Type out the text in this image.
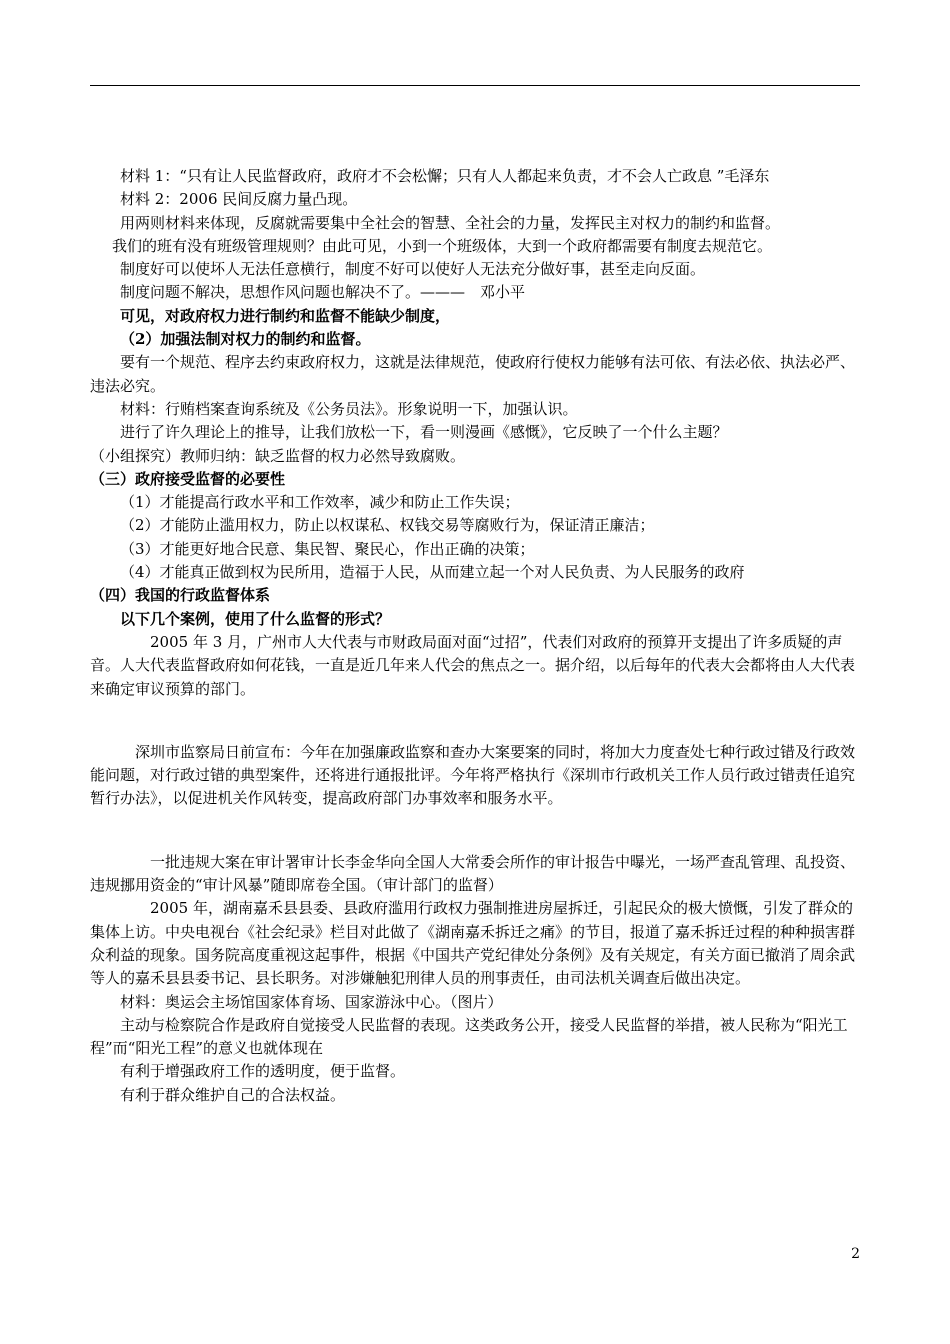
材料 1：“只有让人民监督政府，政府才不会松懈；只有人人都起来负责，才不会人亡政息 ”毛泽东

材料 2：2006 民间反腐力量凸现。

用两则材料来体现，反腐就需要集中全社会的智慧、全社会的力量，发挥民主对权力的制约和监督。

我们的班有没有班级管理规则？由此可见，小到一个班级体，大到一个政府都需要有制度去规范它。

制度好可以使坏人无法任意横行，制度不好可以使好人无法充分做好事，甚至走向反面。

制度问题不解决，思想作风问题也解决不了。———　邓小平

可见，对政府权力进行制约和监督不能缺少制度，

（2）加强法制对权力的制约和监督。

要有一个规范、程序去约束政府权力，这就是法律规范，使政府行使权力能够有法可依、有法必依、执法必严、违法必究。

材料：行贿档案查询系统及《公务员法》。形象说明一下，加强认识。

进行了许久理论上的推导，让我们放松一下，看一则漫画《感慨》，它反映了一个什么主题？

（小组探究）教师归纳：缺乏监督的权力必然导致腐败。

（三）政府接受监督的必要性

（1）才能提高行政水平和工作效率，减少和防止工作失误；

（2）才能防止滥用权力，防止以权谋私、权钱交易等腐败行为，保证清正廉洁；

（3）才能更好地合民意、集民智、聚民心，作出正确的决策；

（4）才能真正做到权为民所用，造福于人民，从而建立起一个对人民负责、为人民服务的政府

（四）我国的行政监督体系

以下几个案例，使用了什么监督的形式？

2005 年 3 月，广州市人大代表与市财政局面对面“过招”，代表们对政府的预算开支提出了许多质疑的声音。人大代表监督政府如何花钱，一直是近几年来人代会的焦点之一。据介绍，以后每年的代表大会都将由人大代表来确定审议预算的部门。

深圳市监察局日前宣布：今年在加强廉政监察和查办大案要案的同时，将加大力度查处七种行政过错及行政效能问题，对行政过错的典型案件，还将进行通报批评。今年将严格执行《深圳市行政机关工作人员行政过错责任追究暂行办法》，以促进机关作风转变，提高政府部门办事效率和服务水平。

一批违规大案在审计署审计长李金华向全国人大常委会所作的审计报告中曝光，一场严查乱管理、乱投资、违规挪用资金的“审计风暴”随即席卷全国。（审计部门的监督）

2005 年，湖南嘉禾县县委、县政府滥用行政权力强制推进房屋拆迁，引起民众的极大愤慨，引发了群众的集体上访。中央电视台《社会纪录》栏目对此做了《湖南嘉禾拆迁之痛》的节目，报道了嘉禾拆迁过程的种种损害群众利益的现象。国务院高度重视这起事件，根据《中国共产党纪律处分条例》及有关规定，有关方面已撤消了周余武等人的嘉禾县县委书记、县长职务。对涉嫌触犯刑律人员的刑事责任，由司法机关调查后做出决定。

材料：奥运会主场馆国家体育场、国家游泳中心。（图片）

主动与检察院合作是政府自觉接受人民监督的表现。这类政务公开，接受人民监督的举措，被人民称为“阳光工程”而“阳光工程”的意义也就体现在

有利于增强政府工作的透明度，便于监督。

有利于群众维护自己的合法权益。

2
